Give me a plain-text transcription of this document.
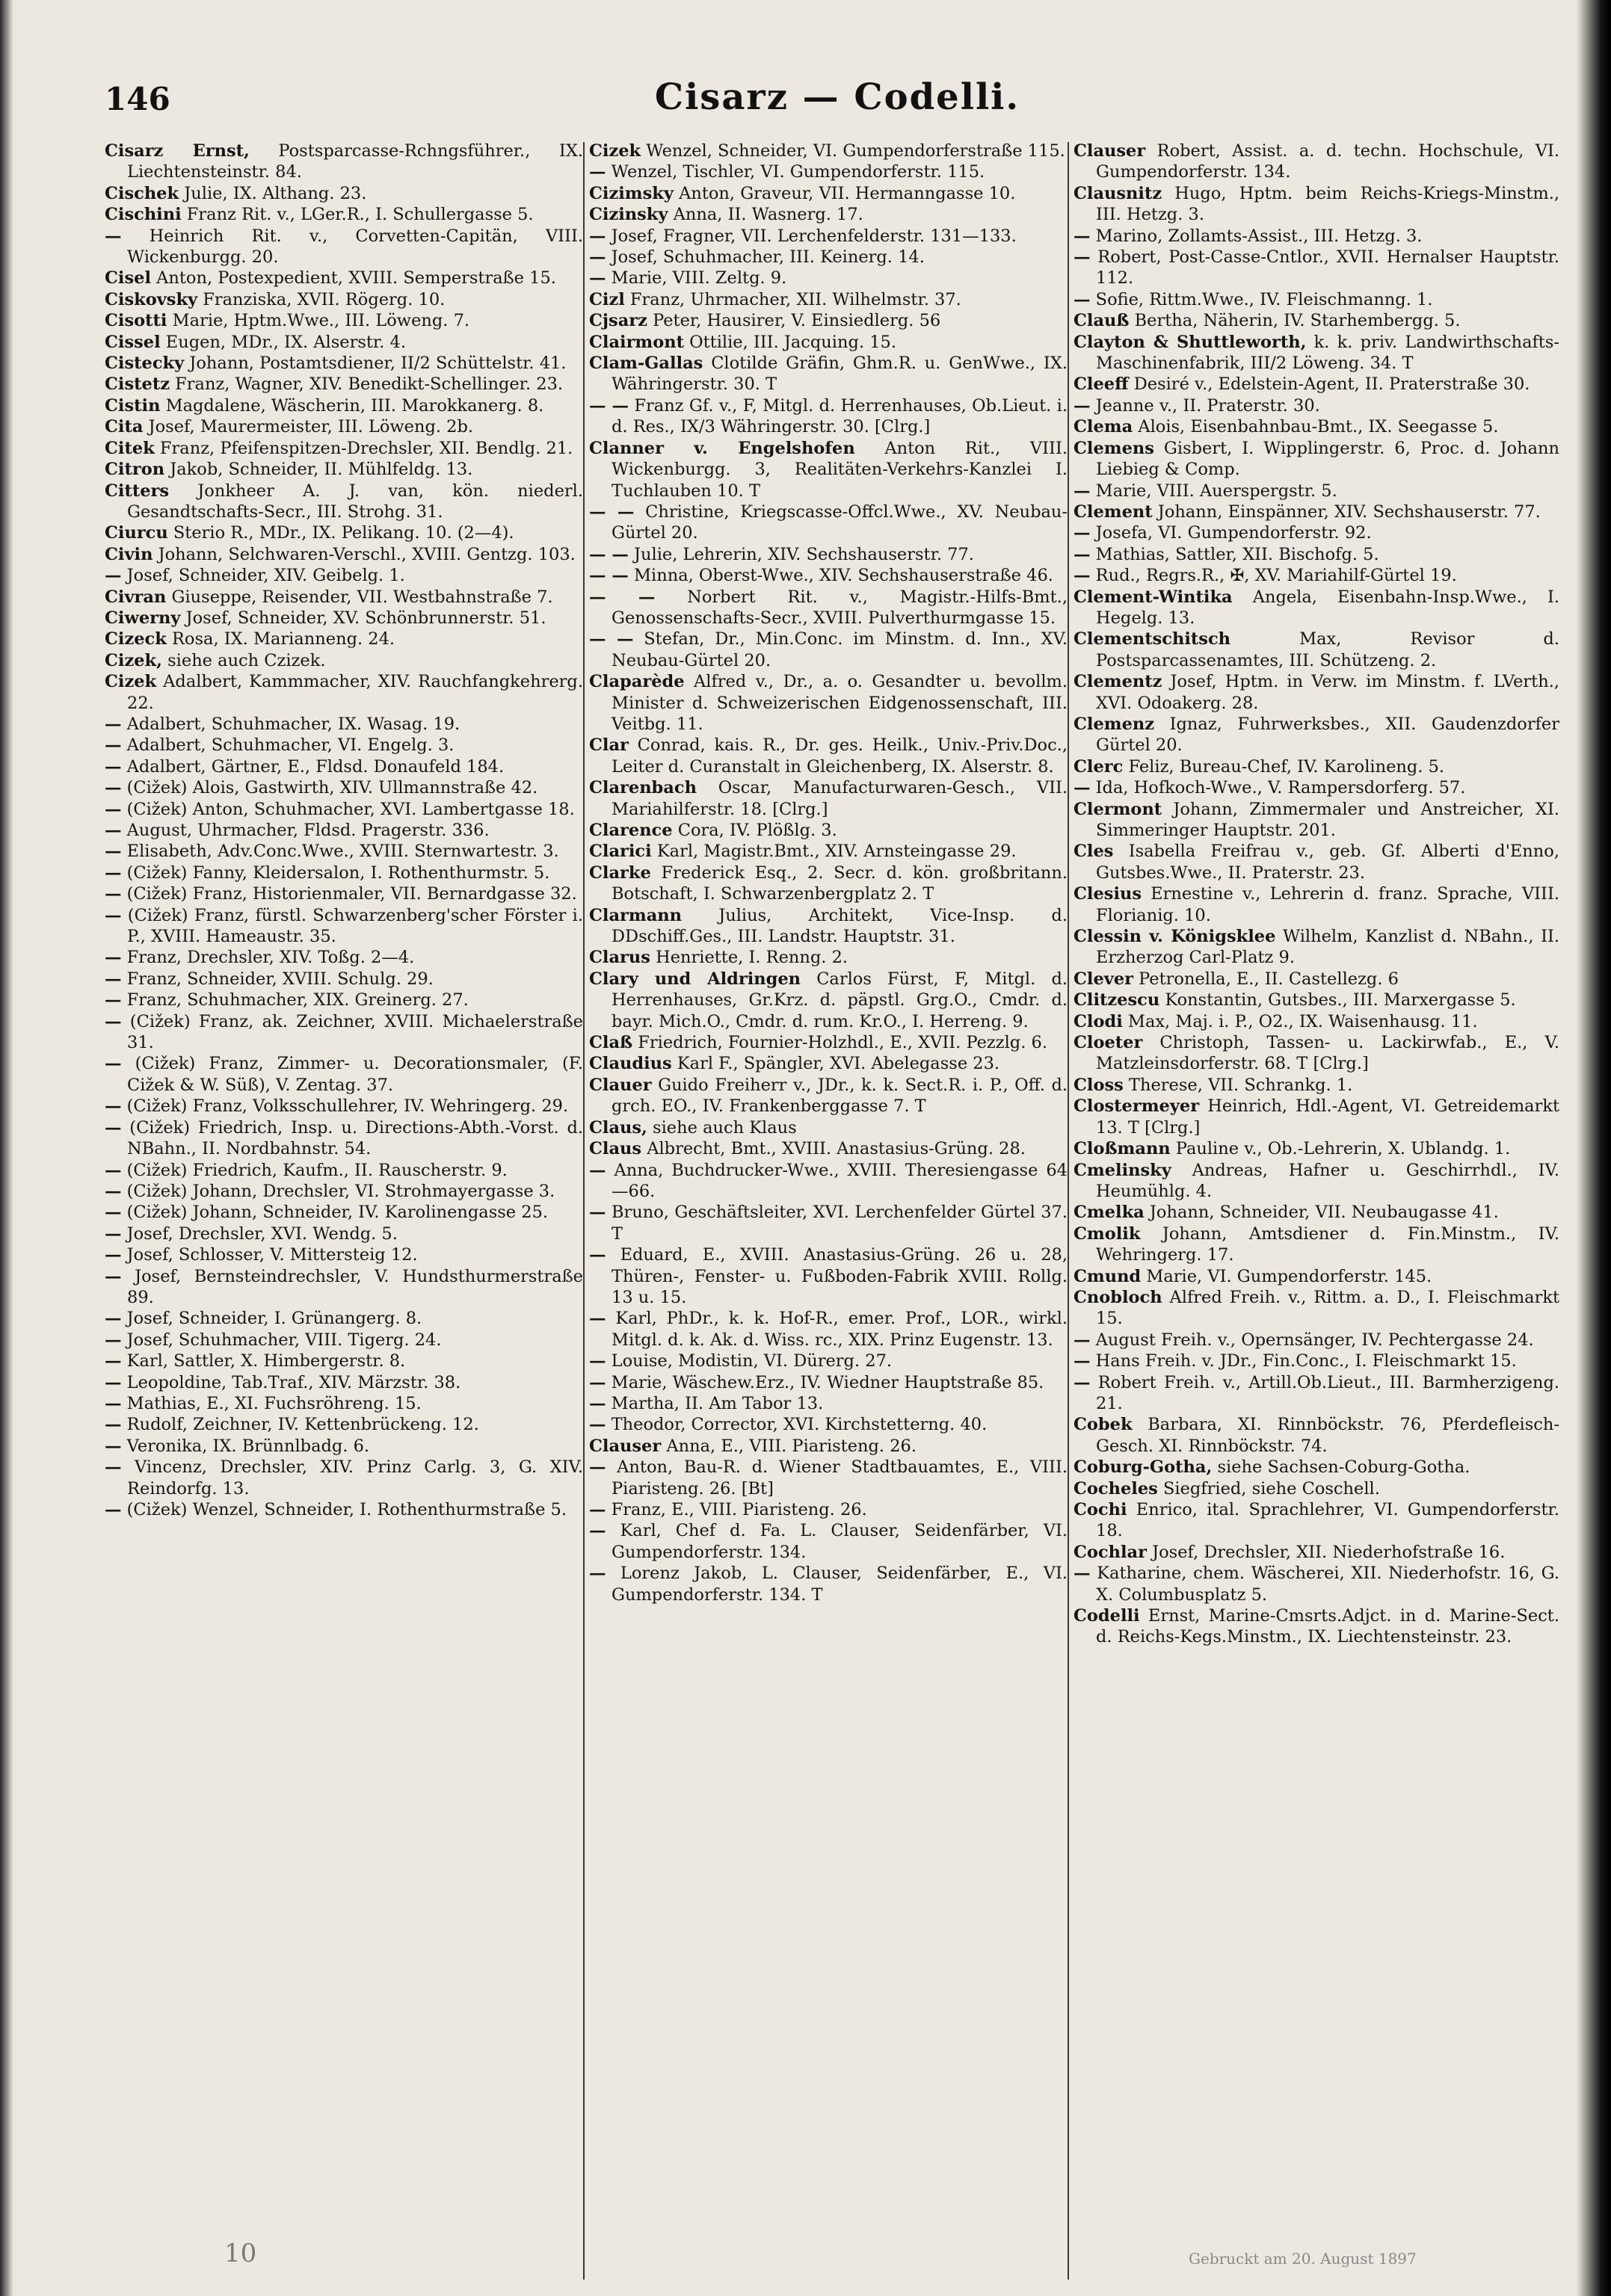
146	Cisarz — Codelli.

Cisarz Ernst, Postsparcasse-Rchngsführer., IX. Liechtensteinstr. 84.

Cischek Julie, IX. Althang. 23.

Cischini Franz Rit. v., LGer.R., I. Schullergasse 5.

— Heinrich Rit. v., Corvetten-Capitän, VIII. Wickenburgg. 20.

Cisel Anton, Postexpedient, XVIII. Semperstraße 15.

Ciskovsky Franziska, XVII. Rögerg. 10.

Cisotti Marie, Hptm.Wwe., III. Löweng. 7.

Cissel Eugen, MDr., IX. Alserstr. 4.

Cistecky Johann, Postamtsdiener, II/2 Schüttelstr. 41.

Cistetz Franz, Wagner, XIV. Benedikt-Schellinger. 23.

Cistin Magdalene, Wäscherin, III. Marokkanerg. 8.

Cita Josef, Maurermeister, III. Löweng. 2b.

Citek Franz, Pfeifenspitzen-Drechsler, XII. Bendlg. 21.

Citron Jakob, Schneider, II. Mühlfeldg. 13.

Citters Jonkheer A. J. van, kön. niederl. Gesandtschafts-Secr., III. Strohg. 31.

Ciurcu Sterio R., MDr., IX. Pelikang. 10. (2—4).

Civin Johann, Selchwaren-Verschl., XVIII. Gentzg. 103.

— Josef, Schneider, XIV. Geibelg. 1.

Civran Giuseppe, Reisender, VII. Westbahnstraße 7.

Ciwerny Josef, Schneider, XV. Schönbrunnerstr. 51.

Cizeck Rosa, IX. Marianneng. 24.

Cizek, siehe auch Czizek.

Cizek Adalbert, Kammmacher, XIV. Rauchfangkehrerg. 22.

— Adalbert, Schuhmacher, IX. Wasag. 19.

— Adalbert, Schuhmacher, VI. Engelg. 3.

— Adalbert, Gärtner, E., Fldsd. Donaufeld 184.

— (Cižek) Alois, Gastwirth, XIV. Ullmannstraße 42.

— (Cižek) Anton, Schuhmacher, XVI. Lambertgasse 18.

— August, Uhrmacher, Fldsd. Pragerstr. 336.

— Elisabeth, Adv.Conc.Wwe., XVIII. Sternwartestr. 3.

— (Cižek) Fanny, Kleidersalon, I. Rothenthurmstr. 5.

— (Cižek) Franz, Historienmaler, VII. Bernardgasse 32.

— (Cižek) Franz, fürstl. Schwarzenberg'scher Förster i. P., XVIII. Hameaustr. 35.

— Franz, Drechsler, XIV. Toßg. 2—4.

— Franz, Schneider, XVIII. Schulg. 29.

— Franz, Schuhmacher, XIX. Greinerg. 27.

— (Cižek) Franz, ak. Zeichner, XVIII. Michaelerstraße 31.

— (Cižek) Franz, Zimmer- u. Decorationsmaler, (F. Cižek & W. Süß), V. Zentag. 37.

— (Cižek) Franz, Volksschullehrer, IV. Wehringerg. 29.

— (Cižek) Friedrich, Insp. u. Directions-Abth.-Vorst. d. NBahn., II. Nordbahnstr. 54.

— (Cižek) Friedrich, Kaufm., II. Rauscherstr. 9.

— (Cižek) Johann, Drechsler, VI. Strohmayergasse 3.

— (Cižek) Johann, Schneider, IV. Karolinengasse 25.

— Josef, Drechsler, XVI. Wendg. 5.

— Josef, Schlosser, V. Mittersteig 12.

— Josef, Bernsteindrechsler, V. Hundsthurmerstraße 89.

— Josef, Schneider, I. Grünangerg. 8.

— Josef, Schuhmacher, VIII. Tigerg. 24.

— Karl, Sattler, X. Himbergerstr. 8.

— Leopoldine, Tab.Traf., XIV. Märzstr. 38.

— Mathias, E., XI. Fuchsröhreng. 15.

— Rudolf, Zeichner, IV. Kettenbrückeng. 12.

— Veronika, IX. Brünnlbadg. 6.

— Vincenz, Drechsler, XIV. Prinz Carlg. 3, G. XIV. Reindorfg. 13.

— (Cižek) Wenzel, Schneider, I. Rothenthurmstraße 5.

Cizek Wenzel, Schneider, VI. Gumpendorferstraße 115.

— Wenzel, Tischler, VI. Gumpendorferstr. 115.

Cizimsky Anton, Graveur, VII. Hermanngasse 10.

Cizinsky Anna, II. Wasnerg. 17.

— Josef, Fragner, VII. Lerchenfelderstr. 131—133.

— Josef, Schuhmacher, III. Keinerg. 14.

— Marie, VIII. Zeltg. 9.

Cizl Franz, Uhrmacher, XII. Wilhelmstr. 37.

Cjsarz Peter, Hausirer, V. Einsiedlerg. 56

Clairmont Ottilie, III. Jacquing. 15.

Clam-Gallas Clotilde Gräfin, Ghm.R. u. GenWwe., IX. Währingerstr. 30. T

— — Franz Gf. v., F, Mitgl. d. Herrenhauses, Ob.Lieut. i. d. Res., IX/3 Währingerstr. 30. [Clrg.]

Clanner v. Engelshofen Anton Rit., VIII. Wickenburgg. 3, Realitäten-Verkehrs-Kanzlei I. Tuchlauben 10. T

— — Christine, Kriegscasse-Offcl.Wwe., XV. Neubau-Gürtel 20.

— — Julie, Lehrerin, XIV. Sechshauserstr. 77.

— — Minna, Oberst-Wwe., XIV. Sechshauserstraße 46.

— — Norbert Rit. v., Magistr.-Hilfs-Bmt., Genossenschafts-Secr., XVIII. Pulverthurmgasse 15.

— — Stefan, Dr., Min.Conc. im Minstm. d. Inn., XV. Neubau-Gürtel 20.

Claparède Alfred v., Dr., a. o. Gesandter u. bevollm. Minister d. Schweizerischen Eidgenossenschaft, III. Veitbg. 11.

Clar Conrad, kais. R., Dr. ges. Heilk., Univ.-Priv.Doc., Leiter d. Curanstalt in Gleichenberg, IX. Alserstr. 8.

Clarenbach Oscar, Manufacturwaren-Gesch., VII. Mariahilferstr. 18. [Clrg.]

Clarence Cora, IV. Plößlg. 3.

Clarici Karl, Magistr.Bmt., XIV. Arnsteingasse 29.

Clarke Frederick Esq., 2. Secr. d. kön. großbritann. Botschaft, I. Schwarzenbergplatz 2. T

Clarmann Julius, Architekt, Vice-Insp. d. DDschiff.Ges., III. Landstr. Hauptstr. 31.

Clarus Henriette, I. Renng. 2.

Clary und Aldringen Carlos Fürst, F, Mitgl. d. Herrenhauses, Gr.Krz. d. päpstl. Grg.O., Cmdr. d. bayr. Mich.O., Cmdr. d. rum. Kr.O., I. Herreng. 9.

Claß Friedrich, Fournier-Holzhdl., E., XVII. Pezzlg. 6.

Claudius Karl F., Spängler, XVI. Abelegasse 23.

Clauer Guido Freiherr v., JDr., k. k. Sect.R. i. P., Off. d. grch. EO., IV. Frankenberggasse 7. T

Claus, siehe auch Klaus

Claus Albrecht, Bmt., XVIII. Anastasius-Grüng. 28.

— Anna, Buchdrucker-Wwe., XVIII. Theresiengasse 64—66.

— Bruno, Geschäftsleiter, XVI. Lerchenfelder Gürtel 37. T

— Eduard, E., XVIII. Anastasius-Grüng. 26 u. 28, Thüren-, Fenster- u. Fußboden-Fabrik XVIII. Rollg. 13 u. 15.

— Karl, PhDr., k. k. Hof-R., emer. Prof., LOR., wirkl. Mitgl. d. k. Ak. d. Wiss. rc., XIX. Prinz Eugenstr. 13.

— Louise, Modistin, VI. Dürerg. 27.

— Marie, Wäschew.Erz., IV. Wiedner Hauptstraße 85.

— Martha, II. Am Tabor 13.

— Theodor, Corrector, XVI. Kirchstetterng. 40.

Clauser Anna, E., VIII. Piaristeng. 26.

— Anton, Bau-R. d. Wiener Stadtbauamtes, E., VIII. Piaristeng. 26. [Bt]

— Franz, E., VIII. Piaristeng. 26.

— Karl, Chef d. Fa. L. Clauser, Seidenfärber, VI. Gumpendorferstr. 134.

— Lorenz Jakob, L. Clauser, Seidenfärber, E., VI. Gumpendorferstr. 134. T

Clauser Robert, Assist. a. d. techn. Hochschule, VI. Gumpendorferstr. 134.

Clausnitz Hugo, Hptm. beim Reichs-Kriegs-Minstm., III. Hetzg. 3.

— Marino, Zollamts-Assist., III. Hetzg. 3.

— Robert, Post-Casse-Cntlor., XVII. Hernalser Hauptstr. 112.

— Sofie, Rittm.Wwe., IV. Fleischmanng. 1.

Clauß Bertha, Näherin, IV. Starhembergg. 5.

Clayton & Shuttleworth, k. k. priv. Landwirthschafts-Maschinenfabrik, III/2 Löweng. 34. T

Cleeff Desiré v., Edelstein-Agent, II. Praterstraße 30.

— Jeanne v., II. Praterstr. 30.

Clema Alois, Eisenbahnbau-Bmt., IX. Seegasse 5.

Clemens Gisbert, I. Wipplingerstr. 6, Proc. d. Johann Liebieg & Comp.

— Marie, VIII. Auerspergstr. 5.

Clement Johann, Einspänner, XIV. Sechshauserstr. 77.

— Josefa, VI. Gumpendorferstr. 92.

— Mathias, Sattler, XII. Bischofg. 5.

— Rud., Regrs.R., ✠, XV. Mariahilf-Gürtel 19.

Clement-Wintika Angela, Eisenbahn-Insp.Wwe., I. Hegelg. 13.

Clementschitsch Max, Revisor d. Postsparcassenamtes, III. Schützeng. 2.

Clementz Josef, Hptm. in Verw. im Minstm. f. LVerth., XVI. Odoakerg. 28.

Clemenz Ignaz, Fuhrwerksbes., XII. Gaudenzdorfer Gürtel 20.

Clerc Feliz, Bureau-Chef, IV. Karolineng. 5.

— Ida, Hofkoch-Wwe., V. Rampersdorferg. 57.

Clermont Johann, Zimmermaler und Anstreicher, XI. Simmeringer Hauptstr. 201.

Cles Isabella Freifrau v., geb. Gf. Alberti d'Enno, Gutsbes.Wwe., II. Praterstr. 23.

Clesius Ernestine v., Lehrerin d. franz. Sprache, VIII. Florianig. 10.

Clessin v. Königsklee Wilhelm, Kanzlist d. NBahn., II. Erzherzog Carl-Platz 9.

Clever Petronella, E., II. Castellezg. 6

Clitzescu Konstantin, Gutsbes., III. Marxergasse 5.

Clodi Max, Maj. i. P., O2., IX. Waisenhausg. 11.

Cloeter Christoph, Tassen- u. Lackirwfab., E., V. Matzleinsdorferstr. 68. T [Clrg.]

Closs Therese, VII. Schrankg. 1.

Clostermeyer Heinrich, Hdl.-Agent, VI. Getreidemarkt 13. T [Clrg.]

Cloßmann Pauline v., Ob.-Lehrerin, X. Ublandg. 1.

Cmelinsky Andreas, Hafner u. Geschirrhdl., IV. Heumühlg. 4.

Cmelka Johann, Schneider, VII. Neubaugasse 41.

Cmolik Johann, Amtsdiener d. Fin.Minstm., IV. Wehringerg. 17.

Cmund Marie, VI. Gumpendorferstr. 145.

Cnobloch Alfred Freih. v., Rittm. a. D., I. Fleischmarkt 15.

— August Freih. v., Opernsänger, IV. Pechtergasse 24.

— Hans Freih. v. JDr., Fin.Conc., I. Fleischmarkt 15.

— Robert Freih. v., Artill.Ob.Lieut., III. Barmherzigeng. 21.

Cobek Barbara, XI. Rinnböckstr. 76, Pferdefleisch-Gesch. XI. Rinnböckstr. 74.

Coburg-Gotha, siehe Sachsen-Coburg-Gotha.

Cocheles Siegfried, siehe Coschell.

Cochi Enrico, ital. Sprachlehrer, VI. Gumpendorferstr. 18.

Cochlar Josef, Drechsler, XII. Niederhofstraße 16.

— Katharine, chem. Wäscherei, XII. Niederhofstr. 16, G. X. Columbusplatz 5.

Codelli Ernst, Marine-Cmsrts.Adjct. in d. Marine-Sect. d. Reichs-Kegs.Minstm., IX. Liechtensteinstr. 23.

10	Gebruckt am 20. August 1897
